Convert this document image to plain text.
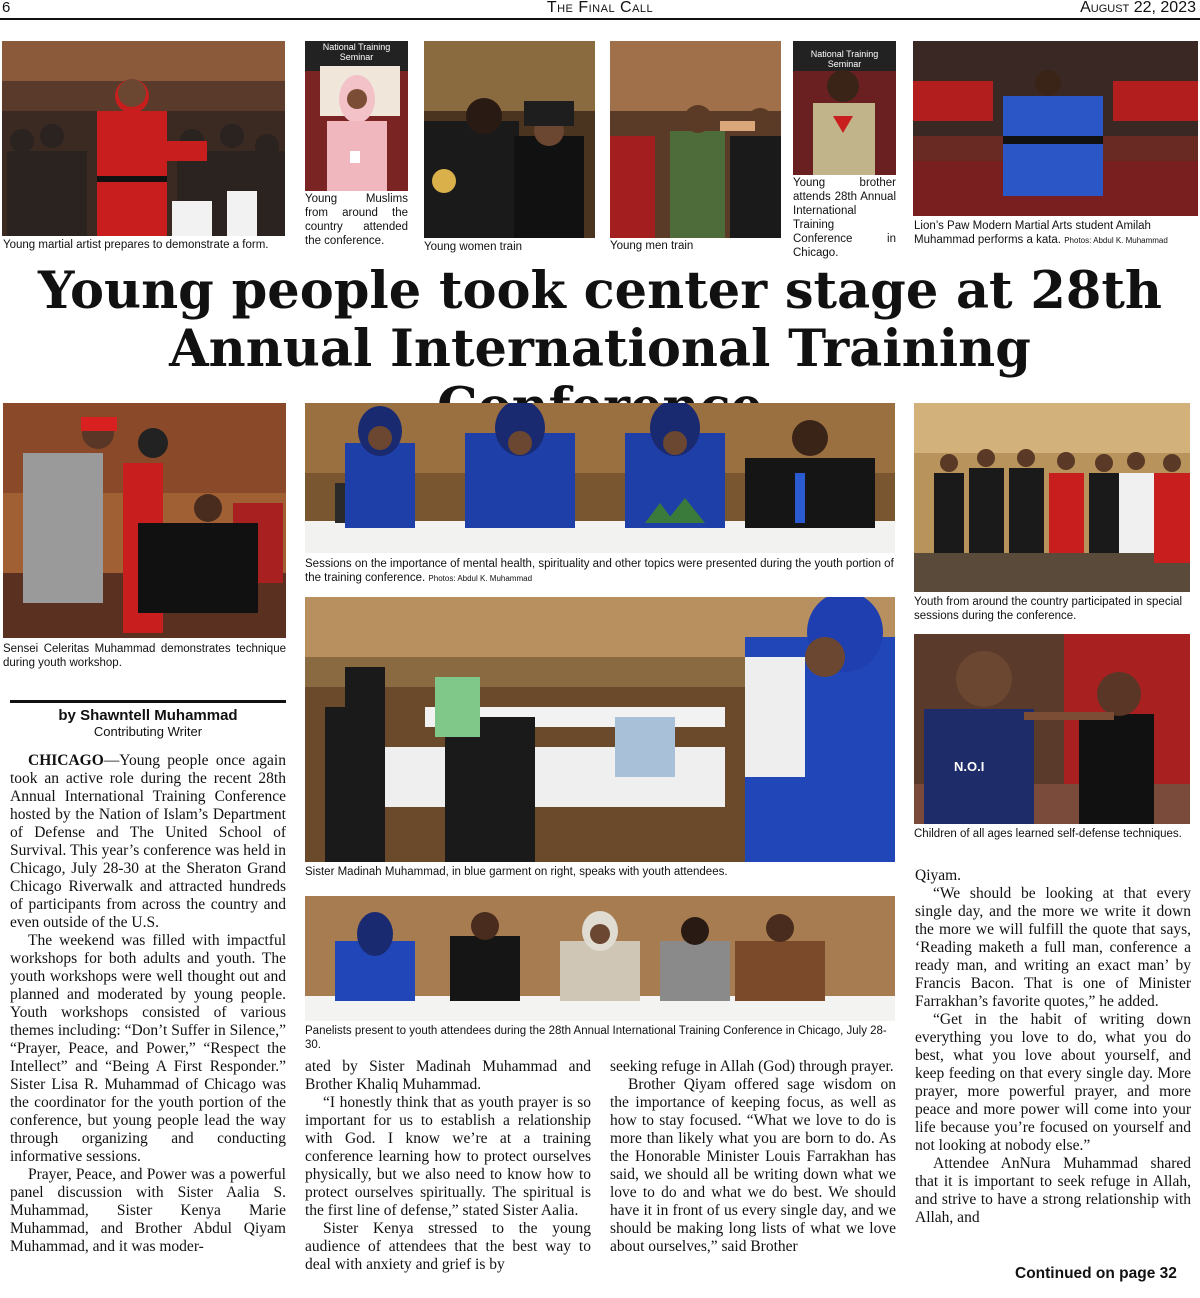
6	The Final Call	August 22, 2023
Young martial artist prepares to demonstrate a form.
National Training Seminar
Young Muslims from around the country attended the conference.	Young women train	Young men train
National Training Seminar
Young brother attends 28th Annual International Training Conference in Chicago.
Lion’s Paw Modern Martial Arts student Amilah Muhammad performs a kata. Photos: Abdul K. Muhammad
Young people took center stage at 28th
Annual International Training
Sensei Celeritas Muhammad demonstrates technique during youth workshop.
Sessions on the importance of mental health, spirituality and other topics were presented during the youth portion of the training conference. Photos: Abdul K. Muhammad
Sister Madinah Muhammad, in blue garment on right, speaks with youth attendees.
Panelists present to youth attendees during the 28th Annual International Training Conference in Chicago, July 28-30.
Youth from around the country participated in special sessions during the conference.
N.O.I
Children of all ages learned self-defense techniques.
by Shawntell Muhammad
Contributing Writer

CHICAGO—Young people once again took an active role during the recent 28th Annual International Training Conference hosted by the Nation of Islam’s Department of Defense and The United School of Survival. This year’s conference was held in Chicago, July 28-30 at the Sheraton Grand Chicago Riverwalk and attracted hundreds of participants from across the country and even outside of the U.S.

The weekend was filled with impactful workshops for both adults and youth. The youth workshops were well thought out and planned and moderated by young people. Youth workshops consisted of various themes including: “Don’t Suffer in Silence,” “Prayer, Peace, and Power,” “Respect the Intellect” and “Being A First Responder.” Sister Lisa R. Muhammad of Chicago was the coordinator for the youth portion of the conference, but young people lead the way through organizing and conducting informative sessions.

Prayer, Peace, and Power was a powerful panel discussion with Sister Aalia S. Muhammad, Sister Kenya Marie Muhammad, and Brother Abdul Qiyam Muhammad, and it was moder-

ated by Sister Madinah Muhammad and Brother Khaliq Muhammad.

“I honestly think that as youth prayer is so important for us to establish a relationship with God. I know we’re at a training conference learning how to protect ourselves physically, but we also need to know how to protect ourselves spiritually. The spiritual is the first line of defense,” stated Sister Aalia.

Sister Kenya stressed to the young audience of attendees that the best way to deal with anxiety and grief is by

seeking refuge in Allah (God) through prayer.

Brother Qiyam offered sage wisdom on the importance of keeping focus, as well as how to stay focused. “What we love to do is more than likely what you are born to do. As the Honorable Minister Louis Farrakhan has said, we should all be writing down what we love to do and what we do best. We should have it in front of us every single day, and we should be making long lists of what we love about ourselves,” said Brother

Qiyam.

“We should be looking at that every single day, and the more we write it down the more we will fulfill the quote that says, ‘Reading maketh a full man, conference a ready man, and writing an exact man’ by Francis Bacon. That is one of Minister Farrakhan’s favorite quotes,” he added.

“Get in the habit of writing down everything you love to do, what you do best, what you love about yourself, and keep feeding on that every single day. More prayer, more powerful prayer, and more peace and more power will come into your life because you’re focused on yourself and not looking at nobody else.”

Attendee AnNura Muhammad shared that it is important to seek refuge in Allah, and strive to have a strong relationship with Allah, and

Continued on page 32
